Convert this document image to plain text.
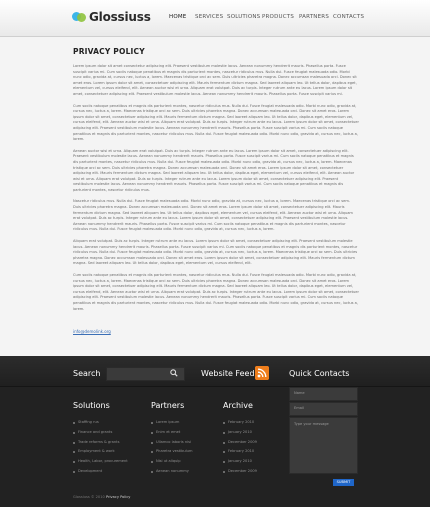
Glossiuss	HOME SERVICES SOLUTIONS PRODUCTS PARTNERS CONTACTS
PRIVACY POLICY

Lorem ipsum dolor sit amet consectetur adipiscing elit. Praesent vestibulum molestie lacus. Aenean nonummy hendrerit mauris. Phasellus porta. Fusce suscipit varius mi. Cum sociis natoque penatibus et magnis dis parturient montes, nascetur ridiculus mus. Nulla dui. Fusce feugiat malesuada odio. Morbi nunc odio, gravida at, cursus nec, luctus a, lorem. Maecenas tristique orci ac sem. Duis ultricies pharetra magna. Donec accumsan malesuada orci. Donec sit amet eros. Lorem ipsum dolor sit amet, consectetuer adipiscing elit. Mauris fermentum dictum magna. Sed laoreet aliquam leo. Ut tellus dolor, dapibus eget, elementum vel, cursus eleifend, elit. Aenean auctor wisi et urna. Aliquam erat volutpat. Duis ac turpis. Integer rutrum ante eu lacus. Lorem ipsum dolor sit amet, consectetuer adipiscing elit. Praesent vestibulum molestie lacus. Aenean nonummy hendrerit mauris. Phasellus porta. Fusce suscipit varius mi.

Cum sociis natoque penatibus et magnis dis parturient montes, nascetur ridiculus mus. Nulla dui. Fusce feugiat malesuada odio. Morbi nunc odio, gravida at, cursus nec, luctus a, lorem. Maecenas tristique orci ac sem. Duis ultricies pharetra magna. Donec accumsan malesuada orci. Donec sit amet eros. Lorem ipsum dolor sit amet, consectetuer adipiscing elit. Mauris fermentum dictum magna. Sed laoreet aliquam leo. Ut tellus dolor, dapibus eget, elementum vel, cursus eleifend, elit. Aenean auctor wisi et urna. Aliquam erat volutpat. Duis ac turpis. Integer rutrum ante eu lacus. Lorem ipsum dolor sit amet, consectetuer adipiscing elit. Praesent vestibulum molestie lacus. Aenean nonummy hendrerit mauris. Phasellus porta. Fusce suscipit varius mi. Cum sociis natoque penatibus et magnis dis parturient montes, nascetur ridiculus mus. Nulla dui. Fusce feugiat malesuada odio. Morbi nunc odio, gravida at, cursus nec, luctus a, lorem.

Aenean auctor wisi et urna. Aliquam erat volutpat. Duis ac turpis. Integer rutrum ante eu lacus. Lorem ipsum dolor sit amet, consectetuer adipiscing elit. Praesent vestibulum molestie lacus. Aenean nonummy hendrerit mauris. Phasellus porta. Fusce suscipit varius mi. Cum sociis natoque penatibus et magnis dis parturient montes, nascetur ridiculus mus. Nulla dui. Fusce feugiat malesuada odio. Morbi nunc odio, gravida at, cursus nec, luctus a, lorem. Maecenas tristique orci ac sem. Duis ultricies pharetra magna. Donec accumsan malesuada orci. Donec sit amet eros. Lorem ipsum dolor sit amet, consectetuer adipiscing elit. Mauris fermentum dictum magna. Sed laoreet aliquam leo. Ut tellus dolor, dapibus eget, elementum vel, cursus eleifend, elit. Aenean auctor wisi et urna. Aliquam erat volutpat. Duis ac turpis. Integer rutrum ante eu lacus. Lorem ipsum dolor sit amet, consectetuer adipiscing elit. Praesent vestibulum molestie lacus. Aenean nonummy hendrerit mauris. Phasellus porta. Fusce suscipit varius mi. Cum sociis natoque penatibus et magnis dis parturient montes, nascetur ridiculus mus.

Nascetur ridiculus mus. Nulla dui. Fusce feugiat malesuada odio. Morbi nunc odio, gravida at, cursus nec, luctus a, lorem. Maecenas tristique orci ac sem. Duis ultricies pharetra magna. Donec accumsan malesuada orci. Donec sit amet eros. Lorem ipsum dolor sit amet, consectetuer adipiscing elit. Mauris fermentum dictum magna. Sed laoreet aliquam leo. Ut tellus dolor, dapibus eget, elementum vel, cursus eleifend, elit. Aenean auctor wisi et urna. Aliquam erat volutpat. Duis ac turpis. Integer rutrum ante eu lacus. Lorem ipsum dolor sit amet, consectetuer adipiscing elit. Praesent vestibulum molestie lacus. Aenean nonummy hendrerit mauris. Phasellus porta. Fusce suscipit varius mi. Cum sociis natoque penatibus et magnis dis parturient montes, nascetur ridiculus mus. Nulla dui. Fusce feugiat malesuada odio. Morbi nunc odio, gravida at, cursus nec, luctus a, lorem.

Aliquam erat volutpat. Duis ac turpis. Integer rutrum ante eu lacus. Lorem ipsum dolor sit amet, consectetuer adipiscing elit. Praesent vestibulum molestie lacus. Aenean nonummy hendrerit mauris. Phasellus porta. Fusce suscipit varius mi. Cum sociis natoque penatibus et magnis dis parturient montes, nascetur ridiculus mus. Nulla dui. Fusce feugiat malesuada odio. Morbi nunc odio, gravida at, cursus nec, luctus a, lorem. Maecenas tristique orci ac sem. Duis ultricies pharetra magna. Donec accumsan malesuada orci. Donec sit amet eros. Lorem ipsum dolor sit amet, consectetuer adipiscing elit. Mauris fermentum dictum magna. Sed laoreet aliquam leo. Ut tellus dolor, dapibus eget, elementum vel, cursus eleifend, elit.

Cum sociis natoque penatibus et magnis dis parturient montes, nascetur ridiculus mus. Nulla dui. Fusce feugiat malesuada odio. Morbi nunc odio, gravida at, cursus nec, luctus a, lorem. Maecenas tristique orci ac sem. Duis ultricies pharetra magna. Donec accumsan malesuada orci. Donec sit amet eros. Lorem ipsum dolor sit amet, consectetuer adipiscing elit. Mauris fermentum dictum magna. Sed laoreet aliquam leo. Ut tellus dolor, dapibus eget, elementum vel, cursus eleifend, elit. Aenean auctor wisi et urna. Aliquam erat volutpat. Duis ac turpis. Integer rutrum ante eu lacus. Lorem ipsum dolor sit amet, consectetuer adipiscing elit. Praesent vestibulum molestie lacus. Aenean nonummy hendrerit mauris. Phasellus porta. Fusce suscipit varius mi. Cum sociis natoque penatibus et magnis dis parturient montes, nascetur ridiculus mus. Nulla dui. Fusce feugiat malesuada odio. Morbi nunc odio, gravida at, cursus nec, luctus a, lorem.

info@demolink.org
Search	Website Feed	Quick Contacts
Solutions
Staffing rus
Finance and grants
Trade reforms & grants
Employment & work
Health, Labor, procurement
Development
Partners
Lorem ipsum
Enim et emet
Ullamco laboris nisi
Pharetra vestibulum
Nisi ut aliquip
Aenean nonummy
Archive
February 2010
January 2010
December 2009
February 2010
January 2010
December 2009
Name
Email
Type your message
SUBMIT
Glossiuss © 2010 Privacy Policy
